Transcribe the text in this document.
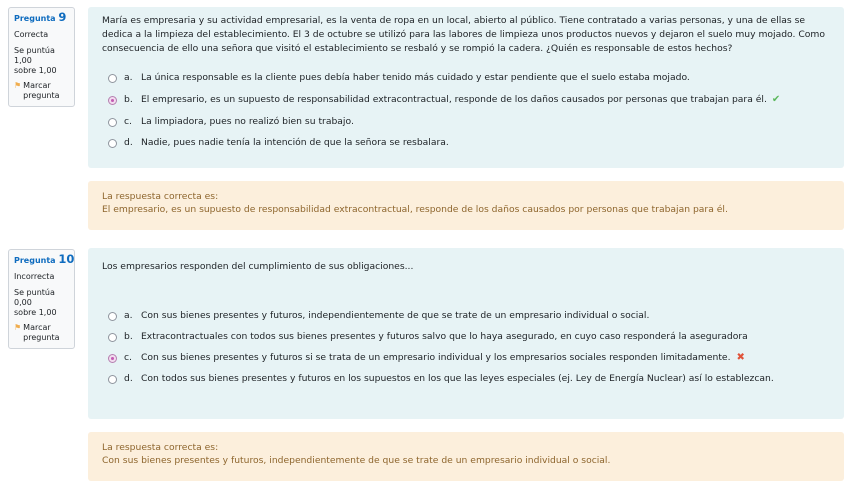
Pregunta 9
Correcta
Se puntúa 1,00
sobre 1,00
⚑ Marcar
pregunta
María es empresaria y su actividad empresarial, es la venta de ropa en un local, abierto al público. Tiene contratado a varias personas, y una de ellas se dedica a la limpieza del establecimiento. El 3 de octubre se utilizó para las labores de limpieza unos productos nuevos y dejaron el suelo muy mojado. Como consecuencia de ello una señora que visitó el establecimiento se resbaló y se rompió la cadera. ¿Quién es responsable de estos hechos?
a. La única responsable es la cliente pues debía haber tenido más cuidado y estar pendiente que el suelo estaba mojado.
b. El empresario, es un supuesto de responsabilidad extracontractual, responde de los daños causados por personas que trabajan para él. ✔
c. La limpiadora, pues no realizó bien su trabajo.
d. Nadie, pues nadie tenía la intención de que la señora se resbalara.
La respuesta correcta es:
El empresario, es un supuesto de responsabilidad extracontractual, responde de los daños causados por personas que trabajan para él.
Pregunta 10
Incorrecta
Se puntúa 0,00
sobre 1,00
⚑ Marcar
pregunta
Los empresarios responden del cumplimiento de sus obligaciones...
a. Con sus bienes presentes y futuros, independientemente de que se trate de un empresario individual o social.
b. Extracontractuales con todos sus bienes presentes y futuros salvo que lo haya asegurado, en cuyo caso responderá la aseguradora
c. Con sus bienes presentes y futuros si se trata de un empresario individual y los empresarios sociales responden limitadamente. ✖
d. Con todos sus bienes presentes y futuros en los supuestos en los que las leyes especiales (ej. Ley de Energía Nuclear) así lo establezcan.
La respuesta correcta es:
Con sus bienes presentes y futuros, independientemente de que se trate de un empresario individual o social.
